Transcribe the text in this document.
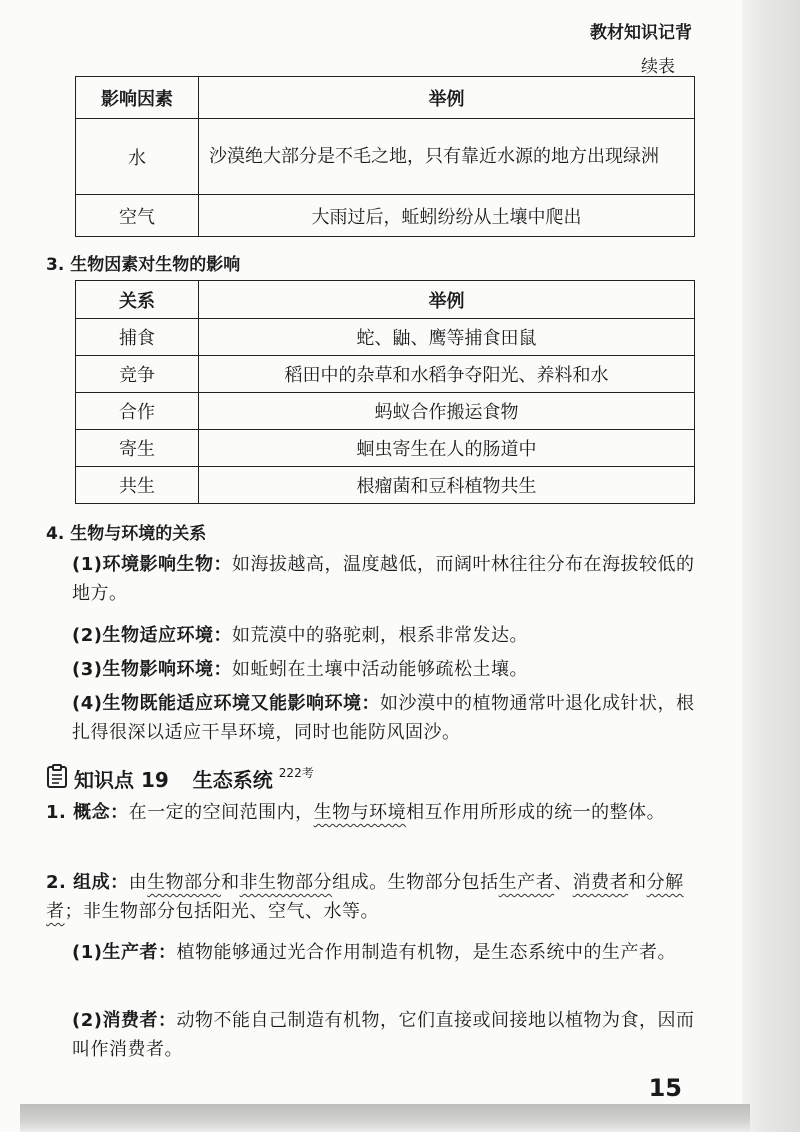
教材知识记背
续表
影响因素	举例
水	沙漠绝大部分是不毛之地，只有靠近水源的地方出现绿洲
空气	大雨过后，蚯蚓纷纷从土壤中爬出
3. 生物因素对生物的影响
关系	举例
捕食	蛇、鼬、鹰等捕食田鼠
竞争	稻田中的杂草和水稻争夺阳光、养料和水
合作	蚂蚁合作搬运食物
寄生	蛔虫寄生在人的肠道中
共生	根瘤菌和豆科植物共生
4. 生物与环境的关系
(1)环境影响生物：如海拔越高，温度越低，而阔叶林往往分布在海拔较低的地方。
(2)生物适应环境：如荒漠中的骆驼刺，根系非常发达。
(3)生物影响环境：如蚯蚓在土壤中活动能够疏松土壤。
(4)生物既能适应环境又能影响环境：如沙漠中的植物通常叶退化成针状，根扎得很深以适应干旱环境，同时也能防风固沙。
知识点 19 生态系统 $^{222考}$
1. 概念：在一定的空间范围内，生物与环境相互作用所形成的统一的整体。
2. 组成：由生物部分和非生物部分组成。生物部分包括生产者、消费者和分解者；非生物部分包括阳光、空气、水等。
(1)生产者：植物能够通过光合作用制造有机物，是生态系统中的生产者。
(2)消费者：动物不能自己制造有机物，它们直接或间接地以植物为食，因而叫作消费者。
15
